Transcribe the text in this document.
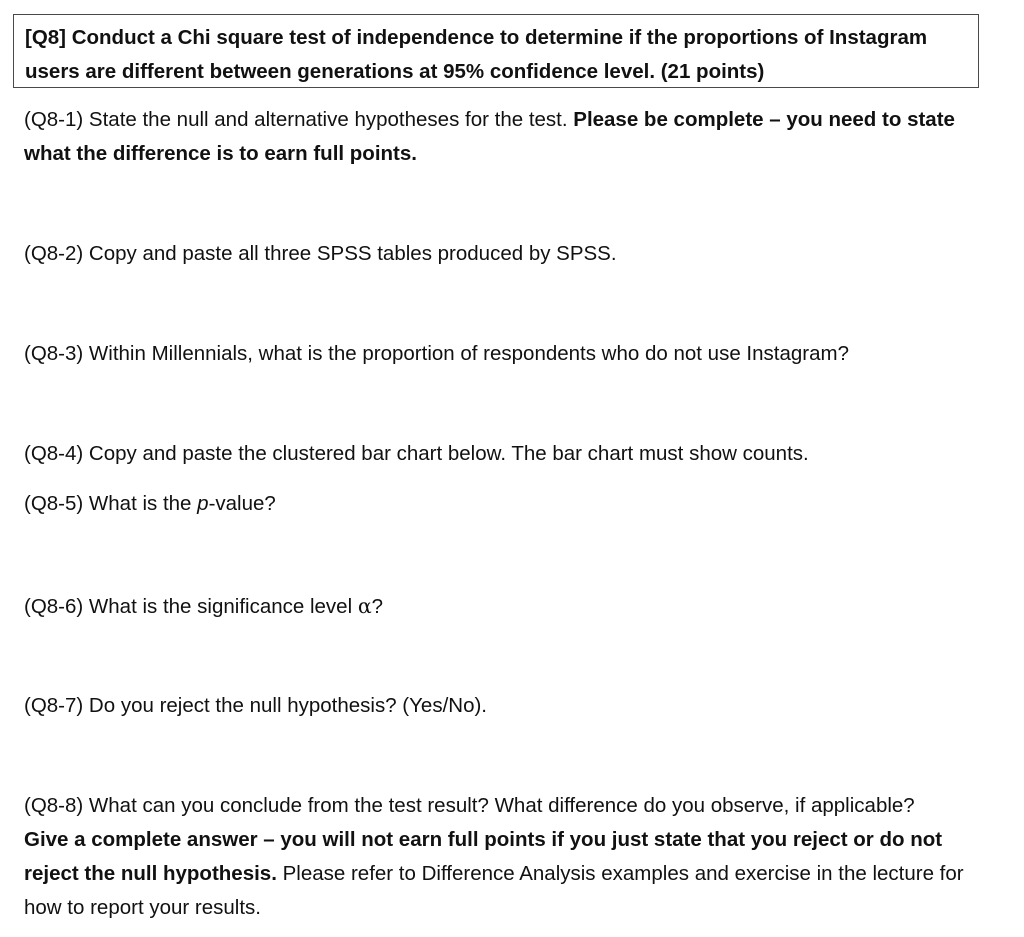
[Q8] Conduct a Chi square test of independence to determine if the proportions of Instagram users are different between generations at 95% confidence level. (21 points)

(Q8-1) State the null and alternative hypotheses for the test. Please be complete – you need to state what the difference is to earn full points.

(Q8-2) Copy and paste all three SPSS tables produced by SPSS.

(Q8-3) Within Millennials, what is the proportion of respondents who do not use Instagram?

(Q8-4) Copy and paste the clustered bar chart below. The bar chart must show counts.

(Q8-5) What is the p-value?

(Q8-6) What is the significance level α?

(Q8-7) Do you reject the null hypothesis? (Yes/No).

(Q8-8) What can you conclude from the test result? What difference do you observe, if applicable? Give a complete answer – you will not earn full points if you just state that you reject or do not reject the null hypothesis. Please refer to Difference Analysis examples and exercise in the lecture for how to report your results.
